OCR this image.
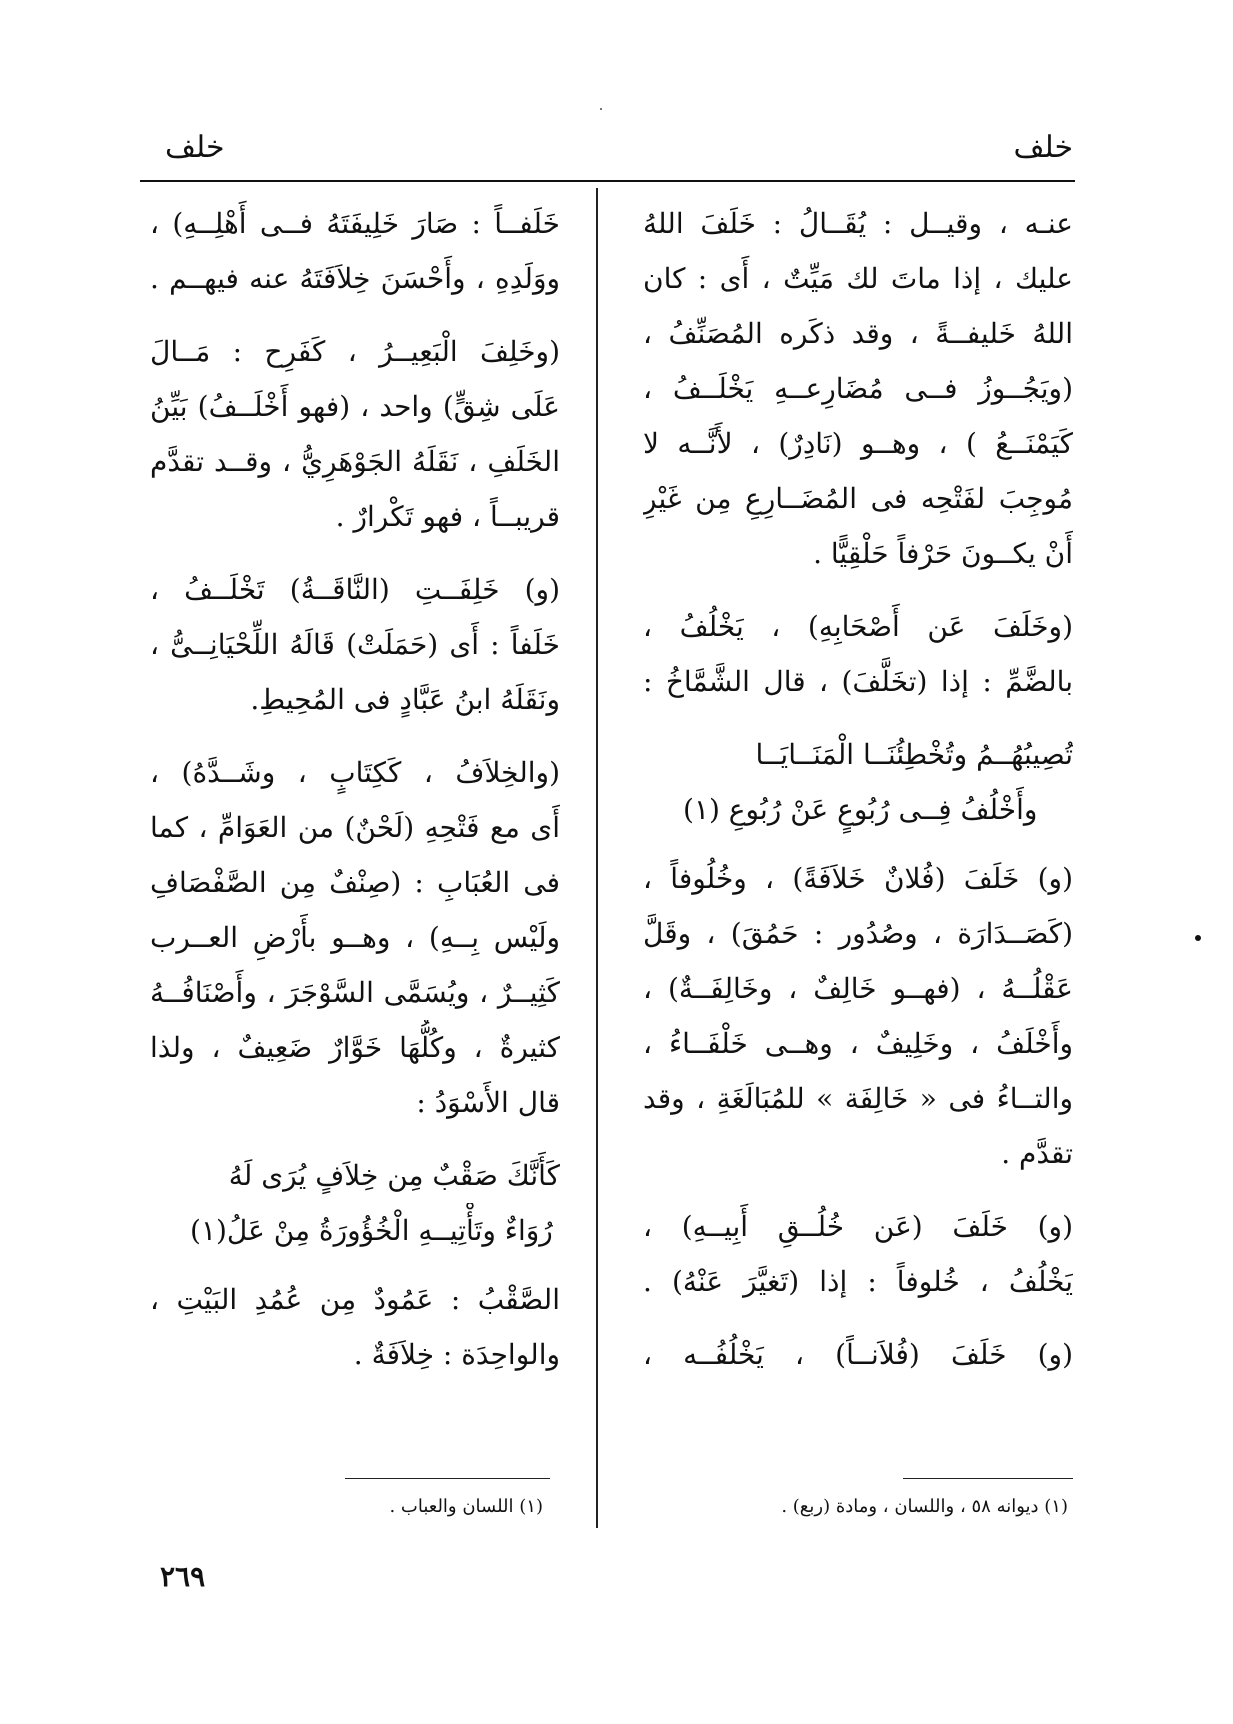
خلف
خلف
عنـه ، وقيــل : يُقَــالُ : خَلَفَ اللهُ
عليك ، إذا ماتَ لك مَيِّتٌ ، أَى : كان
اللهُ خَليفــةً ، وقد ذكَره المُصَنِّفُ ،
(ويَجُــوزُ فــى مُضَارِعــهِ يَخْلَــفُ ،
كَيَمْنَــعُ ) ، وهــو (نَادِرٌ) ، لأَنَّــه لا
مُوجِبَ لفَتْحِه فى المُضَــارِعِ مِن غَيْرِ
أَنْ يكــونَ حَرْفاً حَلْقِيًّا .
(وخَلَفَ عَن أَصْحَابِهِ) ، يَخْلُفُ ،
بالضَّمِّ : إذا (تخَلَّفَ) ، قال الشَّمَّاخُ :
تُصِيبُهُــمُ وتُخْطِئُنَــا الْمَنَــايَــا
وأَخْلُفُ فِــى رُبُوعٍ عَنْ رُبُوعِ (١)
(و) خَلَفَ (فُلانٌ خَلاَفَةً) ، وخُلُوفاً ،
(كَصَــدَارَة ، وصُدُور : حَمُقَ) ، وقَلَّ
عَقْلُــهُ ، (فهــو خَالِفٌ ، وخَالِفَــةٌ) ،
وأَخْلَفُ ، وخَلِيفٌ ، وهــى خَلْفَــاءُ ،
والتــاءُ فى « خَالِفَة » للمُبَالَغَةِ ، وقد
تقدَّم .
(و) خَلَفَ (عَن خُلُــقِ أَبِيــهِ) ،
يَخْلُفُ ، خُلوفاً : إذا (تَغيَّرَ عَنْهُ) .
(و) خَلَفَ (فُلاَنــاً) ، يَخْلُفُــه ،
خَلَفــاً : صَارَ خَلِيفَتَهُ فــى أَهْلِــهِ) ،
ووَلَدِهِ ، وأَحْسَنَ خِلاَفَتَهُ عنه فيهــم .
(وخَلِفَ الْبَعِيــرُ ، كَفَرِح : مَــالَ
عَلَى شِقٍّ) واحد ، (فهو أَخْلَــفُ) بَيِّنُ
الخَلَفِ ، نَقَلَهُ الجَوْهَرِيُّ ، وقــد تقدَّم
قريبــاً ، فهو تَكْرارٌ .
(و) خَلِفَــتِ (النَّاقَــةُ) تَخْلَــفُ ،
خَلَفاً : أَى (حَمَلَتْ) قَالَهُ اللِّحْيَانِــىُّ ،
ونَقَلَهُ ابنُ عَبَّادٍ فى المُحِيطِ.
(والخِلاَفُ ، كَكِتَابٍ ، وشَــدَّهُ) ،
أَى مع فَتْحِهِ (لَحْنٌ) من العَوَامِّ ، كما
فى العُبَابِ : (صِنْفٌ مِن الصَّفْصَافِ
ولَيْس بِــهِ) ، وهــو بأَرْضِ العــرب
كَثِيــرٌ ، ويُسَمَّى السَّوْجَرَ ، وأَصْنَافُــهُ
كثيرةٌ ، وكُلُّهَا خَوَّارٌ ضَعِيفٌ ، ولذا
قال الأَسْوَدُ :
كَأَنَّكَ صَقْبٌ مِن خِلاَفٍ يُرَى لَهُ
رُوَاءٌ وتَأْتِيــهِ الْخُؤُورَةُ مِنْ عَلُ(١)
الصَّقْبُ : عَمُودٌ مِن عُمُدِ البَيْتِ ،
والواحِدَة : خِلاَفَةٌ .
(١) ديوانه ٥٨ ، واللسان ، ومادة (ربع) .
(١) اللسان والعباب .
٢٦٩
